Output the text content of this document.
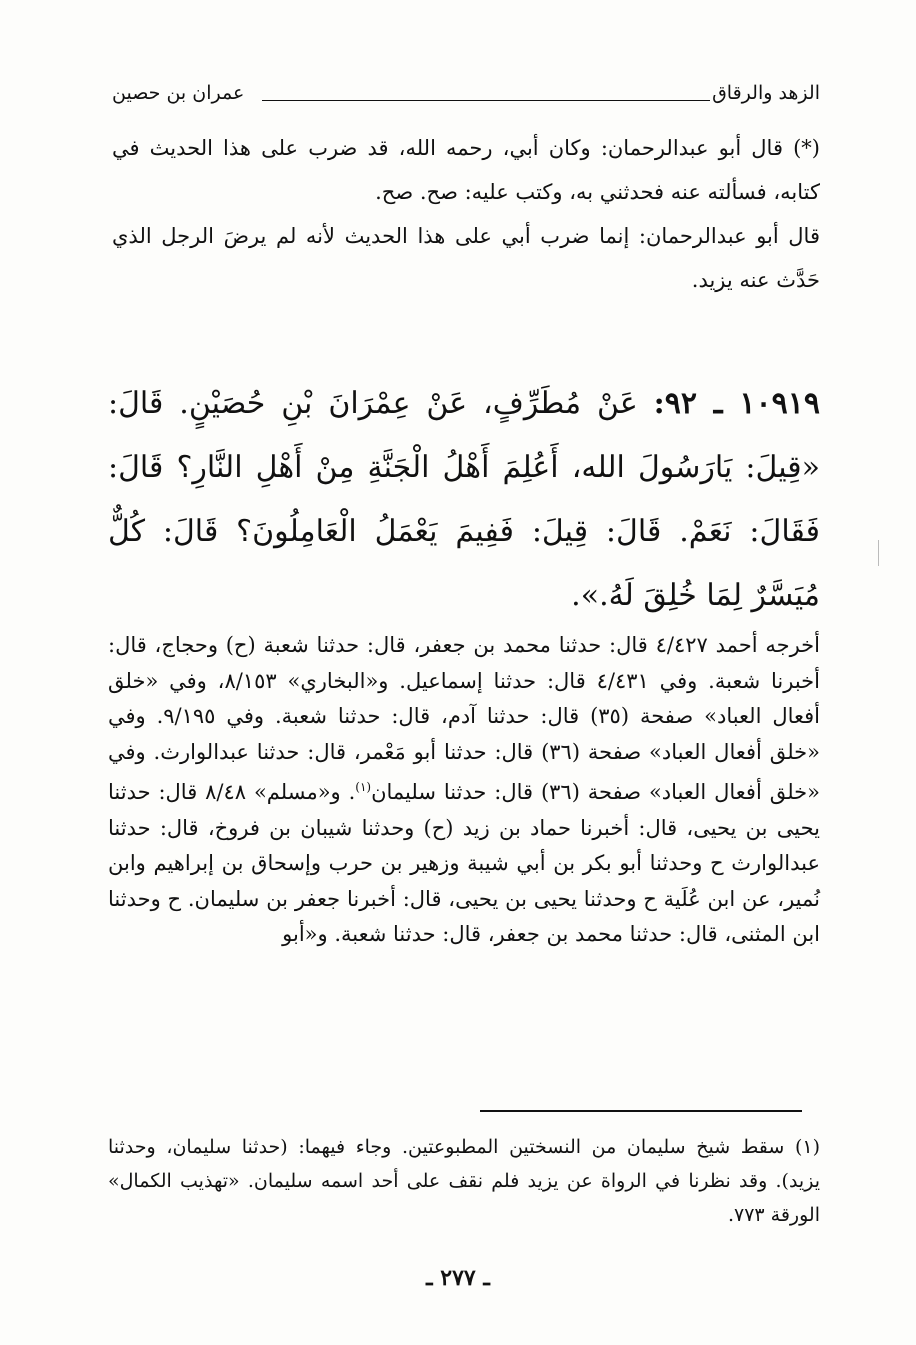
الزهد والرقاق
عمران بن حصين

(*) قال أبو عبدالرحمان: وكان أبي، رحمه الله، قد ضرب على هذا الحديث في كتابه، فسألته عنه فحدثني به، وكتب عليه: صح. صح.

قال أبو عبدالرحمان: إنما ضرب أبي على هذا الحديث لأنه لم يرضَ الرجل الذي حَدَّث عنه يزيد.

١٠٩١٩ ـ ٩٢: عَنْ مُطَرِّفٍ، عَنْ عِمْرَانَ بْنِ حُصَيْنٍ. قَالَ: «قِيلَ: يَارَسُولَ الله، أَعُلِمَ أَهْلُ الْجَنَّةِ مِنْ أَهْلِ النَّارِ؟ قَالَ: فَقَالَ: نَعَمْ. قَالَ: قِيلَ: فَفِيمَ يَعْمَلُ الْعَامِلُونَ؟ قَالَ: كُلٌّ مُيَسَّرٌ لِمَا خُلِقَ لَهُ.».
أخرجه أحمد ٤/٤٢٧ قال: حدثنا محمد بن جعفر، قال: حدثنا شعبة (ح) وحجاج، قال: أخبرنا شعبة. وفي ٤/٤٣١ قال: حدثنا إسماعيل. و«البخاري» ٨/١٥٣، وفي «خلق أفعال العباد» صفحة (٣٥) قال: حدثنا آدم، قال: حدثنا شعبة. وفي ٩/١٩٥. وفي «خلق أفعال العباد» صفحة (٣٦) قال: حدثنا أبو مَعْمر، قال: حدثنا عبدالوارث. وفي «خلق أفعال العباد» صفحة (٣٦) قال: حدثنا سليمان$^{(١)}$. و«مسلم» ٨/٤٨ قال: حدثنا يحيى بن يحيى، قال: أخبرنا حماد بن زيد (ح) وحدثنا شيبان بن فروخ، قال: حدثنا عبدالوارث ح وحدثنا أبو بكر بن أبي شيبة وزهير بن حرب وإسحاق بن إبراهيم وابن نُمير، عن ابن عُلَية ح وحدثنا يحيى بن يحيى، قال: أخبرنا جعفر بن سليمان. ح وحدثنا ابن المثنى، قال: حدثنا محمد بن جعفر، قال: حدثنا شعبة. و«أبو
(١) سقط شيخ سليمان من النسختين المطبوعتين. وجاء فيهما: (حدثنا سليمان، وحدثنا يزيد). وقد نظرنا في الرواة عن يزيد فلم نقف على أحد اسمه سليمان. «تهذيب الكمال» الورقة ٧٧٣.
ـ ٢٧٧ ـ
